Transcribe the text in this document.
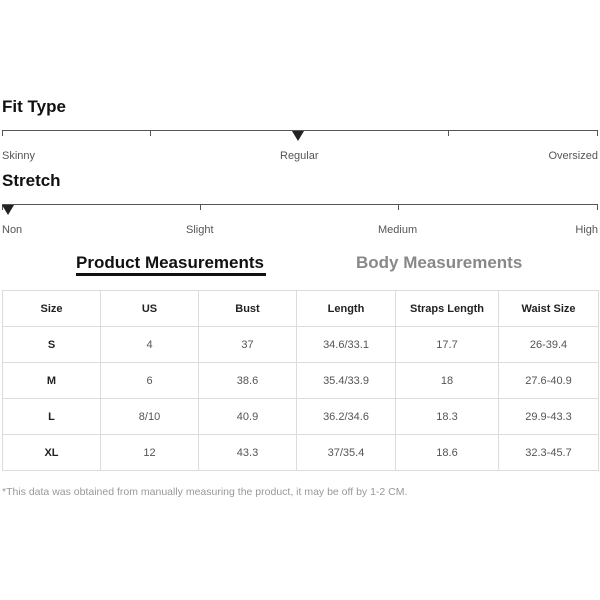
Fit Type
Skinny	Regular	Oversized
Stretch
Non	Slight	Medium	High
Product Measurements	Body Measurements
Size	US	Bust	Length	Straps Length	Waist Size
S	4	37	34.6/33.1	17.7	26-39.4
M	6	38.6	35.4/33.9	18	27.6-40.9
L	8/10	40.9	36.2/34.6	18.3	29.9-43.3
XL	12	43.3	37/35.4	18.6	32.3-45.7
*This data was obtained from manually measuring the product, it may be off by 1-2 CM.
